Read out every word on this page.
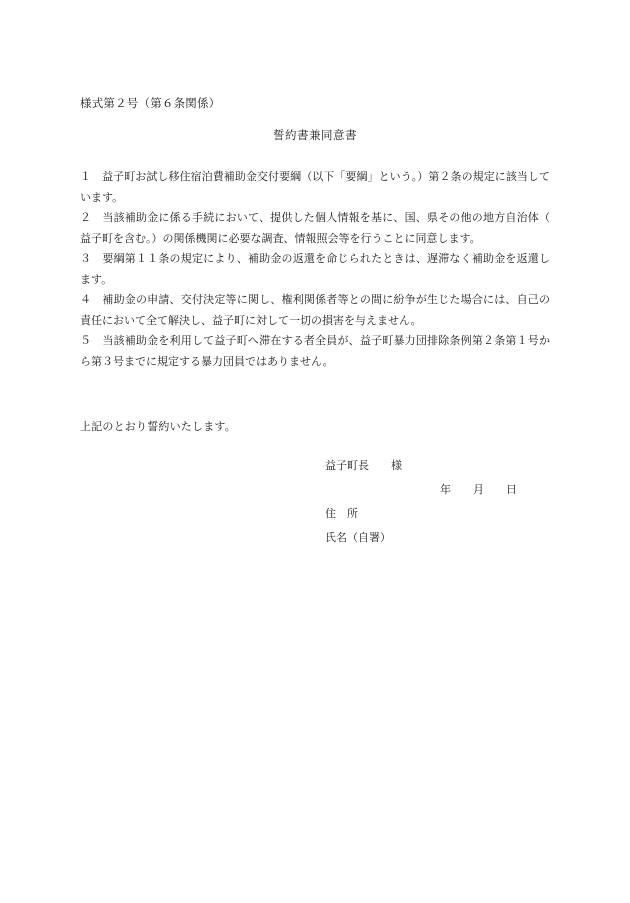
様式第２号（第６条関係）
誓約書兼同意書

１　益子町お試し移住宿泊費補助金交付要綱（以下「要綱」という。）第２条の規定に該当しています。

２　当該補助金に係る手続において、提供した個人情報を基に、国、県その他の地方自治体（益子町を含む。）の関係機関に必要な調査、情報照会等を行うことに同意します。

３　要綱第１１条の規定により、補助金の返還を命じられたときは、遅滞なく補助金を返還します。

４　補助金の申請、交付決定等に関し、権利関係者等との間に紛争が生じた場合には、自己の責任において全て解決し、益子町に対して一切の損害を与えません。

５　当該補助金を利用して益子町へ滞在する者全員が、益子町暴力団排除条例第２条第１号から第３号までに規定する暴力団員ではありません。

上記のとおり誓約いたします。
益子町長　　様
年　　月　　日
住　所
氏名（自署）
